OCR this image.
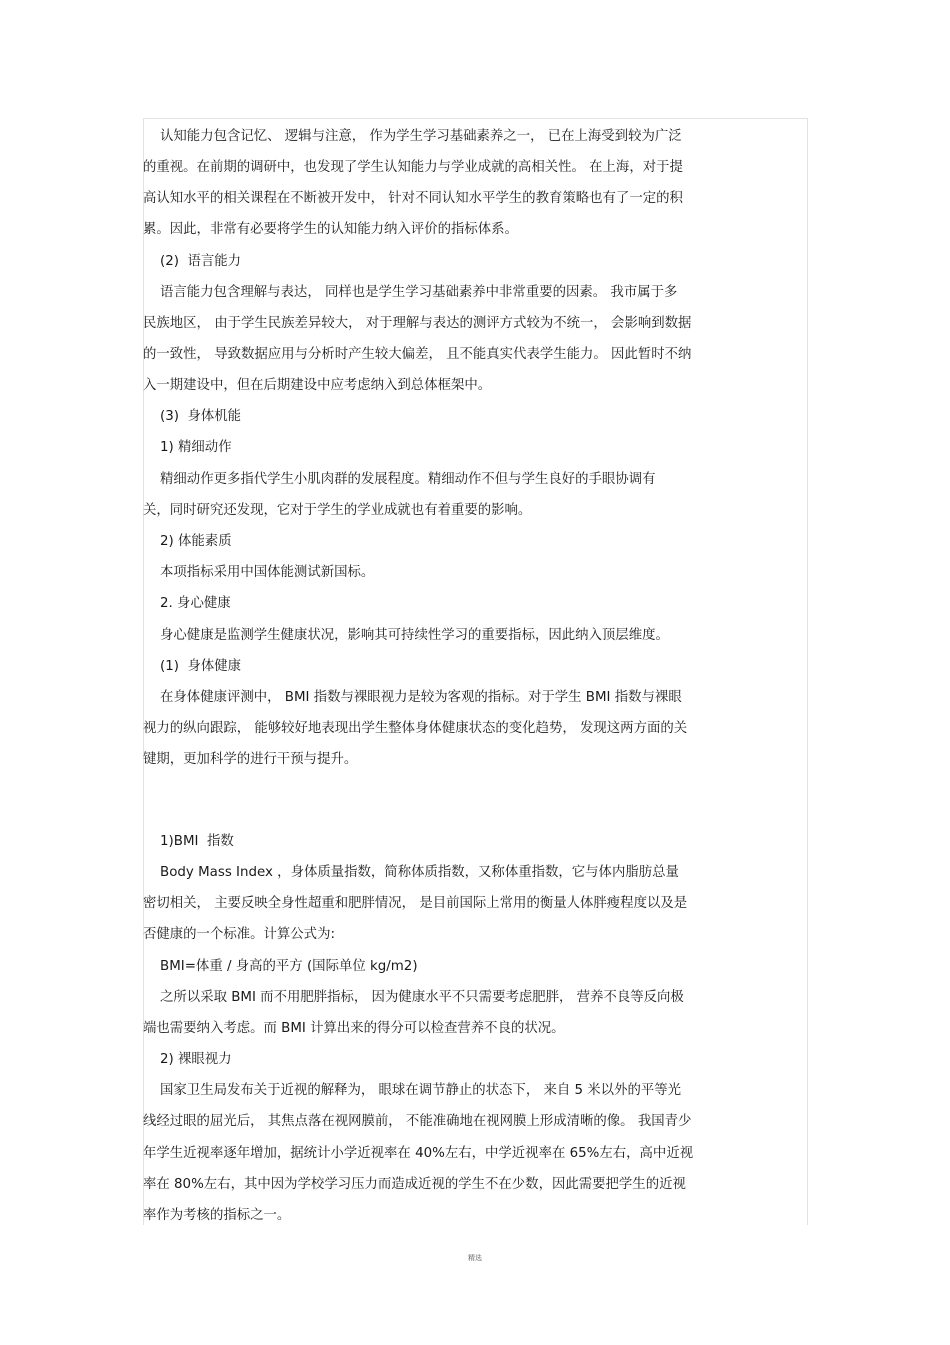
认知能力包含记忆、 逻辑与注意， 作为学生学习基础素养之一， 已在上海受到较为广泛
的重视。在前期的调研中，也发现了学生认知能力与学业成就的高相关性。 在上海，对于提
高认知水平的相关课程在不断被开发中， 针对不同认知水平学生的教育策略也有了一定的积
累。因此，非常有必要将学生的认知能力纳入评价的指标体系。
(2)  语言能力
语言能力包含理解与表达， 同样也是学生学习基础素养中非常重要的因素。 我市属于多
民族地区， 由于学生民族差异较大， 对于理解与表达的测评方式较为不统一， 会影响到数据
的一致性， 导致数据应用与分析时产生较大偏差， 且不能真实代表学生能力。 因此暂时不纳
入一期建设中，但在后期建设中应考虑纳入到总体框架中。
(3)  身体机能
1) 精细动作
精细动作更多指代学生小肌肉群的发展程度。精细动作不但与学生良好的手眼协调有
关，同时研究还发现，它对于学生的学业成就也有着重要的影响。
2) 体能素质
本项指标采用中国体能测试新国标。
2. 身心健康
身心健康是监测学生健康状况，影响其可持续性学习的重要指标，因此纳入顶层维度。
(1)  身体健康
在身体健康评测中， BMI 指数与裸眼视力是较为客观的指标。对于学生 BMI 指数与裸眼
视力的纵向跟踪， 能够较好地表现出学生整体身体健康状态的变化趋势， 发现这两方面的关
键期，更加科学的进行干预与提升。
1)BMI  指数
Body Mass Index ，身体质量指数，简称体质指数，又称体重指数，它与体内脂肪总量
密切相关， 主要反映全身性超重和肥胖情况， 是目前国际上常用的衡量人体胖瘦程度以及是
否健康的一个标准。计算公式为:
BMI=体重 / 身高的平方 (国际单位 kg/m2)
之所以采取 BMI 而不用肥胖指标， 因为健康水平不只需要考虑肥胖， 营养不良等反向极
端也需要纳入考虑。而 BMI 计算出来的得分可以检查营养不良的状况。
2) 裸眼视力
国家卫生局发布关于近视的解释为， 眼球在调节静止的状态下， 来自 5 米以外的平等光
线经过眼的屈光后， 其焦点落在视网膜前， 不能准确地在视网膜上形成清晰的像。 我国青少
年学生近视率逐年增加，据统计小学近视率在 40%左右，中学近视率在 65%左右，高中近视
率在 80%左右，其中因为学校学习压力而造成近视的学生不在少数，因此需要把学生的近视
率作为考核的指标之一。
精选
